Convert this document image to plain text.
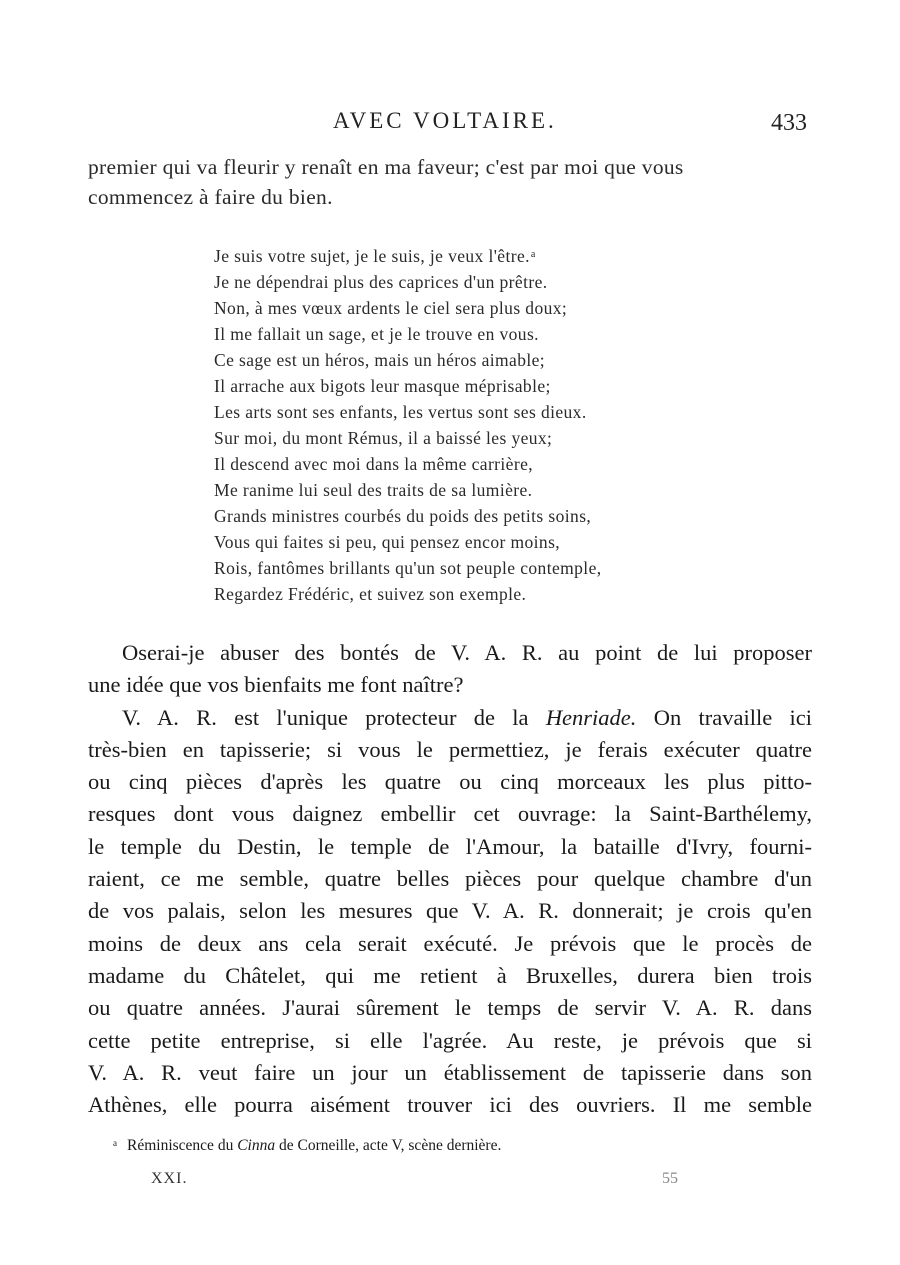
AVEC VOLTAIRE.	433

premier qui va fleurir y renaît en ma faveur; c'est par moi que vous

commencez à faire du bien.

Je suis votre sujet, je le suis, je veux l'être.$^a$
Je ne dépendrai plus des caprices d'un prêtre.
Non, à mes vœux ardents le ciel sera plus doux;
Il me fallait un sage, et je le trouve en vous.
Ce sage est un héros, mais un héros aimable;
Il arrache aux bigots leur masque méprisable;
Les arts sont ses enfants, les vertus sont ses dieux.
Sur moi, du mont Rémus, il a baissé les yeux;
Il descend avec moi dans la même carrière,
Me ranime lui seul des traits de sa lumière.
Grands ministres courbés du poids des petits soins,
Vous qui faites si peu, qui pensez encor moins,
Rois, fantômes brillants qu'un sot peuple contemple,
Regardez Frédéric, et suivez son exemple.
Oserai-je abuser des bontés de V. A. R. au point de lui proposer
une idée que vos bienfaits me font naître?
V. A. R. est l'unique protecteur de la Henriade. On travaille ici
très-bien en tapisserie; si vous le permettiez, je ferais exécuter quatre
ou cinq pièces d'après les quatre ou cinq morceaux les plus pitto-
resques dont vous daignez embellir cet ouvrage: la Saint-Barthélemy,
le temple du Destin, le temple de l'Amour, la bataille d'Ivry, fourni-
raient, ce me semble, quatre belles pièces pour quelque chambre d'un
de vos palais, selon les mesures que V. A. R. donnerait; je crois qu'en
moins de deux ans cela serait exécuté. Je prévois que le procès de
madame du Châtelet, qui me retient à Bruxelles, durera bien trois
ou quatre années. J'aurai sûrement le temps de servir V. A. R. dans
cette petite entreprise, si elle l'agrée. Au reste, je prévois que si
V. A. R. veut faire un jour un établissement de tapisserie dans son
Athènes, elle pourra aisément trouver ici des ouvriers. Il me semble
$^a$ Réminiscence du Cinna de Corneille, acte V, scène dernière.
XXI.	55
